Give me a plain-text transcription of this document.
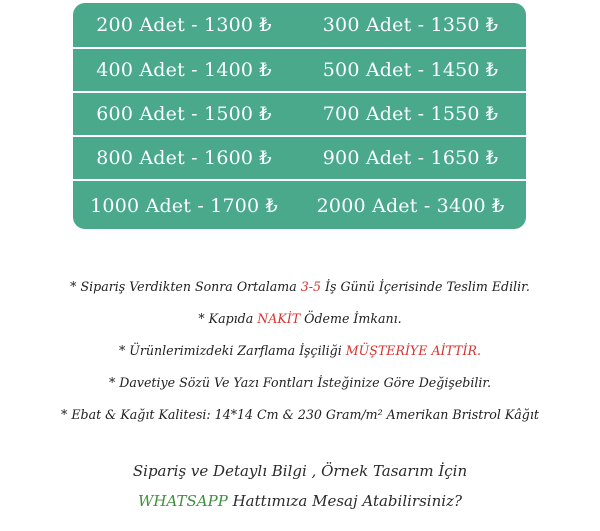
200 Adet - 1300 ₺	300 Adet - 1350 ₺
400 Adet - 1400 ₺	500 Adet - 1450 ₺
600 Adet - 1500 ₺	700 Adet - 1550 ₺
800 Adet - 1600 ₺	900 Adet - 1650 ₺
1000 Adet - 1700 ₺	2000 Adet - 3400 ₺
* Sipariş Verdikten Sonra Ortalama 3-5 İş Günü İçerisinde Teslim Edilir.
* Kapıda NAKİT Ödeme İmkanı.
* Ürünlerimizdeki Zarflama İşçiliği MÜŞTERİYE AİTTİR.
* Davetiye Sözü Ve Yazı Fontları İsteğinize Göre Değişebilir.
* Ebat & Kağıt Kalitesi: 14*14 Cm & 230 Gram/m² Amerikan Bristrol Kâğıt
Sipariş ve Detaylı Bilgi , Örnek Tasarım İçin
WHATSAPP Hattımıza Mesaj Atabilirsiniz?
